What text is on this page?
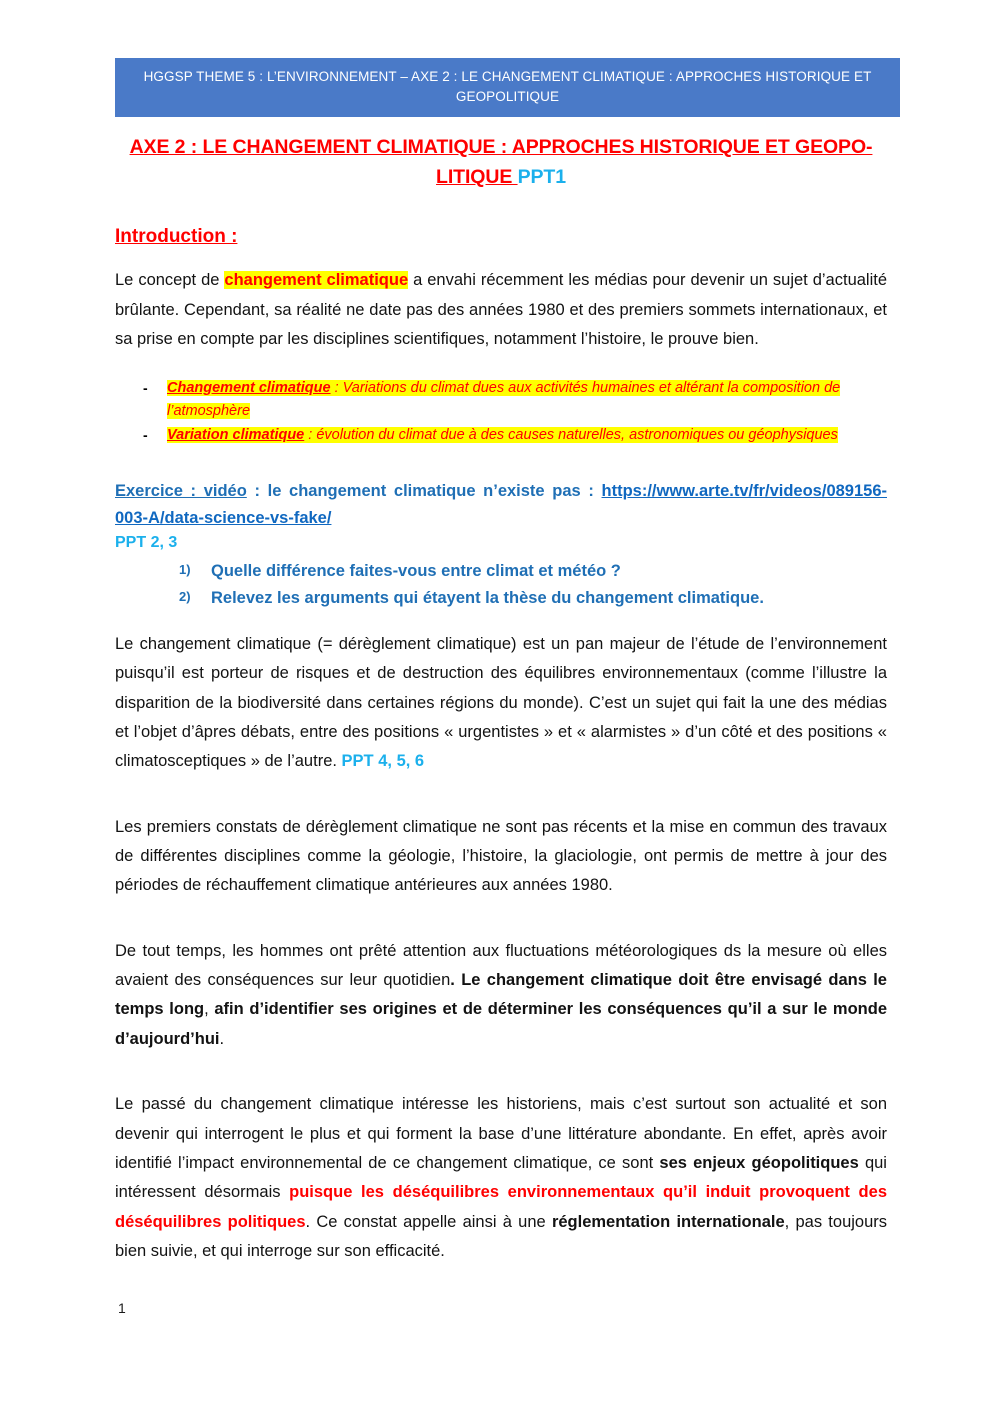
HGGSP THEME 5 : L’ENVIRONNEMENT – AXE 2 : LE CHANGEMENT CLIMATIQUE : APPROCHES HISTORIQUE ET GEOPOLITIQUE
AXE 2 : LE CHANGEMENT CLIMATIQUE : APPROCHES HISTORIQUE ET GEOPO-
LITIQUE PPT1
Introduction :

Le concept de changement climatique a envahi récemment les médias pour devenir un sujet d’actualité brûlante. Cependant, sa réalité ne date pas des années 1980 et des premiers sommets internationaux, et sa prise en compte par les disciplines scientifiques, notamment l’histoire, le prouve bien.

- Changement climatique : Variations du climat dues aux activités humaines et altérant la composition de l’atmosphère
- Variation climatique : évolution du climat due à des causes naturelles, astronomiques ou géophysiques

Exercice : vidéo : le changement climatique n’existe pas : https://www.arte.tv/fr/videos/089156-003-A/data-science-vs-fake/

PPT 2, 3
Quelle différence faites-vous entre climat et météo ?
Relevez les arguments qui étayent la thèse du changement climatique.

Le changement climatique (= dérèglement climatique) est un pan majeur de l’étude de l’environnement puisqu’il est porteur de risques et de destruction des équilibres environnementaux (comme l’illustre la disparition de la biodiversité dans certaines régions du monde). C’est un sujet qui fait la une des médias et l’objet d’âpres débats, entre des positions « urgentistes » et « alarmistes » d’un côté et des positions « climatosceptiques » de l’autre. PPT 4, 5, 6

Les premiers constats de dérèglement climatique ne sont pas récents et la mise en commun des travaux de différentes disciplines comme la géologie, l’histoire, la glaciologie, ont permis de mettre à jour des périodes de réchauffement climatique antérieures aux années 1980.

De tout temps, les hommes ont prêté attention aux fluctuations météorologiques ds la mesure où elles avaient des conséquences sur leur quotidien. Le changement climatique doit être envisagé dans le temps long, afin d’identifier ses origines et de déterminer les conséquences qu’il a sur le monde d’aujourd’hui.

Le passé du changement climatique intéresse les historiens, mais c’est surtout son actualité et son devenir qui interrogent le plus et qui forment la base d’une littérature abondante. En effet, après avoir identifié l’impact environnemental de ce changement climatique, ce sont ses enjeux géopolitiques qui intéressent désormais puisque les déséquilibres environnementaux qu’il induit provoquent des déséquilibres politiques. Ce constat appelle ainsi à une réglementation internationale, pas toujours bien suivie, et qui interroge sur son efficacité.

1
